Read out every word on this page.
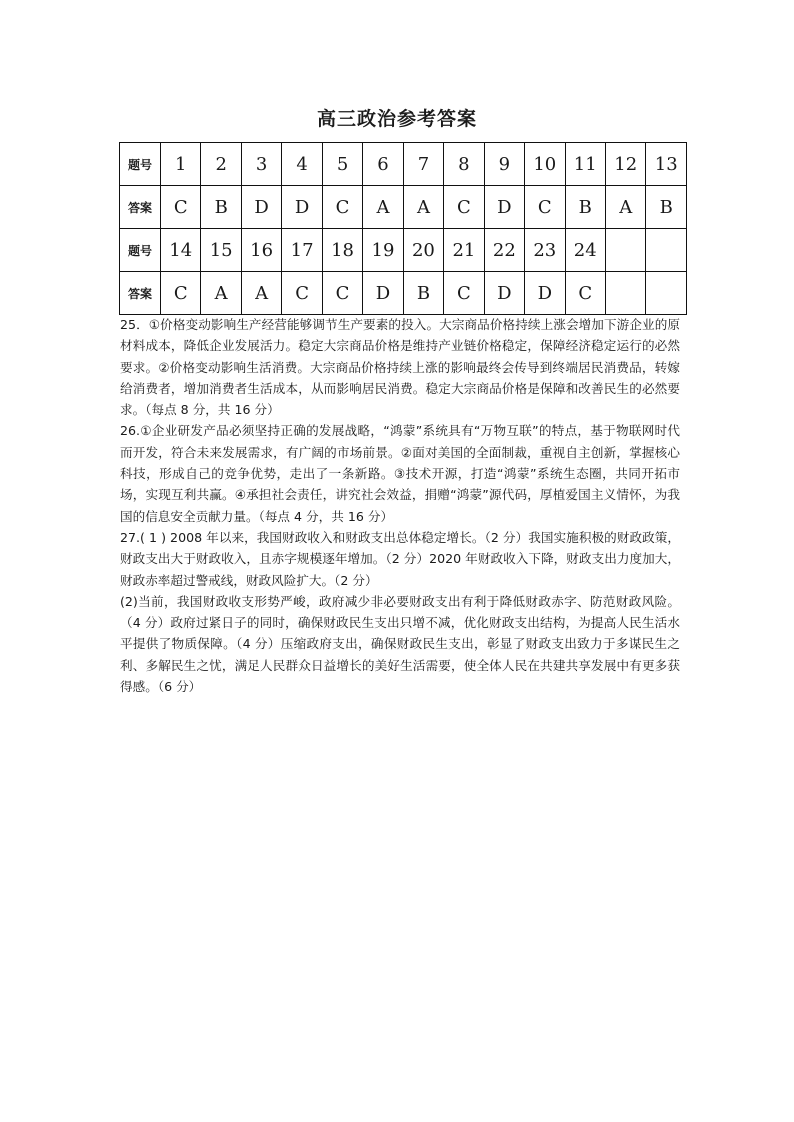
高三政治参考答案
题号	1	2	3	4	5	6	7	8	9	10	11	12	13
答案	C	B	D	D	C	A	A	C	D	C	B	A	B
题号	14	15	16	17	18	19	20	21	22	23	24		
答案	C	A	A	C	C	D	B	C	D	D	C		

25．①价格变动影响生产经营能够调节生产要素的投入。大宗商品价格持续上涨会增加下游企业的原材料成本，降低企业发展活力。稳定大宗商品价格是维持产业链价格稳定，保障经济稳定运行的必然要求。②价格变动影响生活消费。大宗商品价格持续上涨的影响最终会传导到终端居民消费品，转嫁给消费者，增加消费者生活成本，从而影响居民消费。稳定大宗商品价格是保障和改善民生的必然要求。（每点 8 分，共 16 分）

26.①企业研发产品必须坚持正确的发展战略，“鸿蒙”系统具有“万物互联”的特点，基于物联网时代而开发，符合未来发展需求，有广阔的市场前景。②面对美国的全面制裁，重视自主创新，掌握核心科技，形成自己的竞争优势，走出了一条新路。③技术开源，打造“鸿蒙”系统生态圈，共同开拓市场，实现互利共赢。④承担社会责任，讲究社会效益，捐赠“鸿蒙”源代码，厚植爱国主义情怀，为我国的信息安全贡献力量。（每点 4 分，共 16 分）

27.( 1 ) 2008 年以来，我国财政收入和财政支出总体稳定增长。（2 分）我国实施积极的财政政策，财政支出大于财政收入，且赤字规模逐年增加。（2 分）2020 年财政收入下降，财政支出力度加大，财政赤率超过警戒线，财政风险扩大。（2 分）

(2)当前，我国财政收支形势严峻，政府减少非必要财政支出有利于降低财政赤字、防范财政风险。（4 分）政府过紧日子的同时，确保财政民生支出只增不减，优化财政支出结构，为提高人民生活水平提供了物质保障。（4 分）压缩政府支出，确保财政民生支出，彰显了财政支出致力于多谋民生之利、多解民生之忧，满足人民群众日益增长的美好生活需要，使全体人民在共建共享发展中有更多获得感。（6 分）
